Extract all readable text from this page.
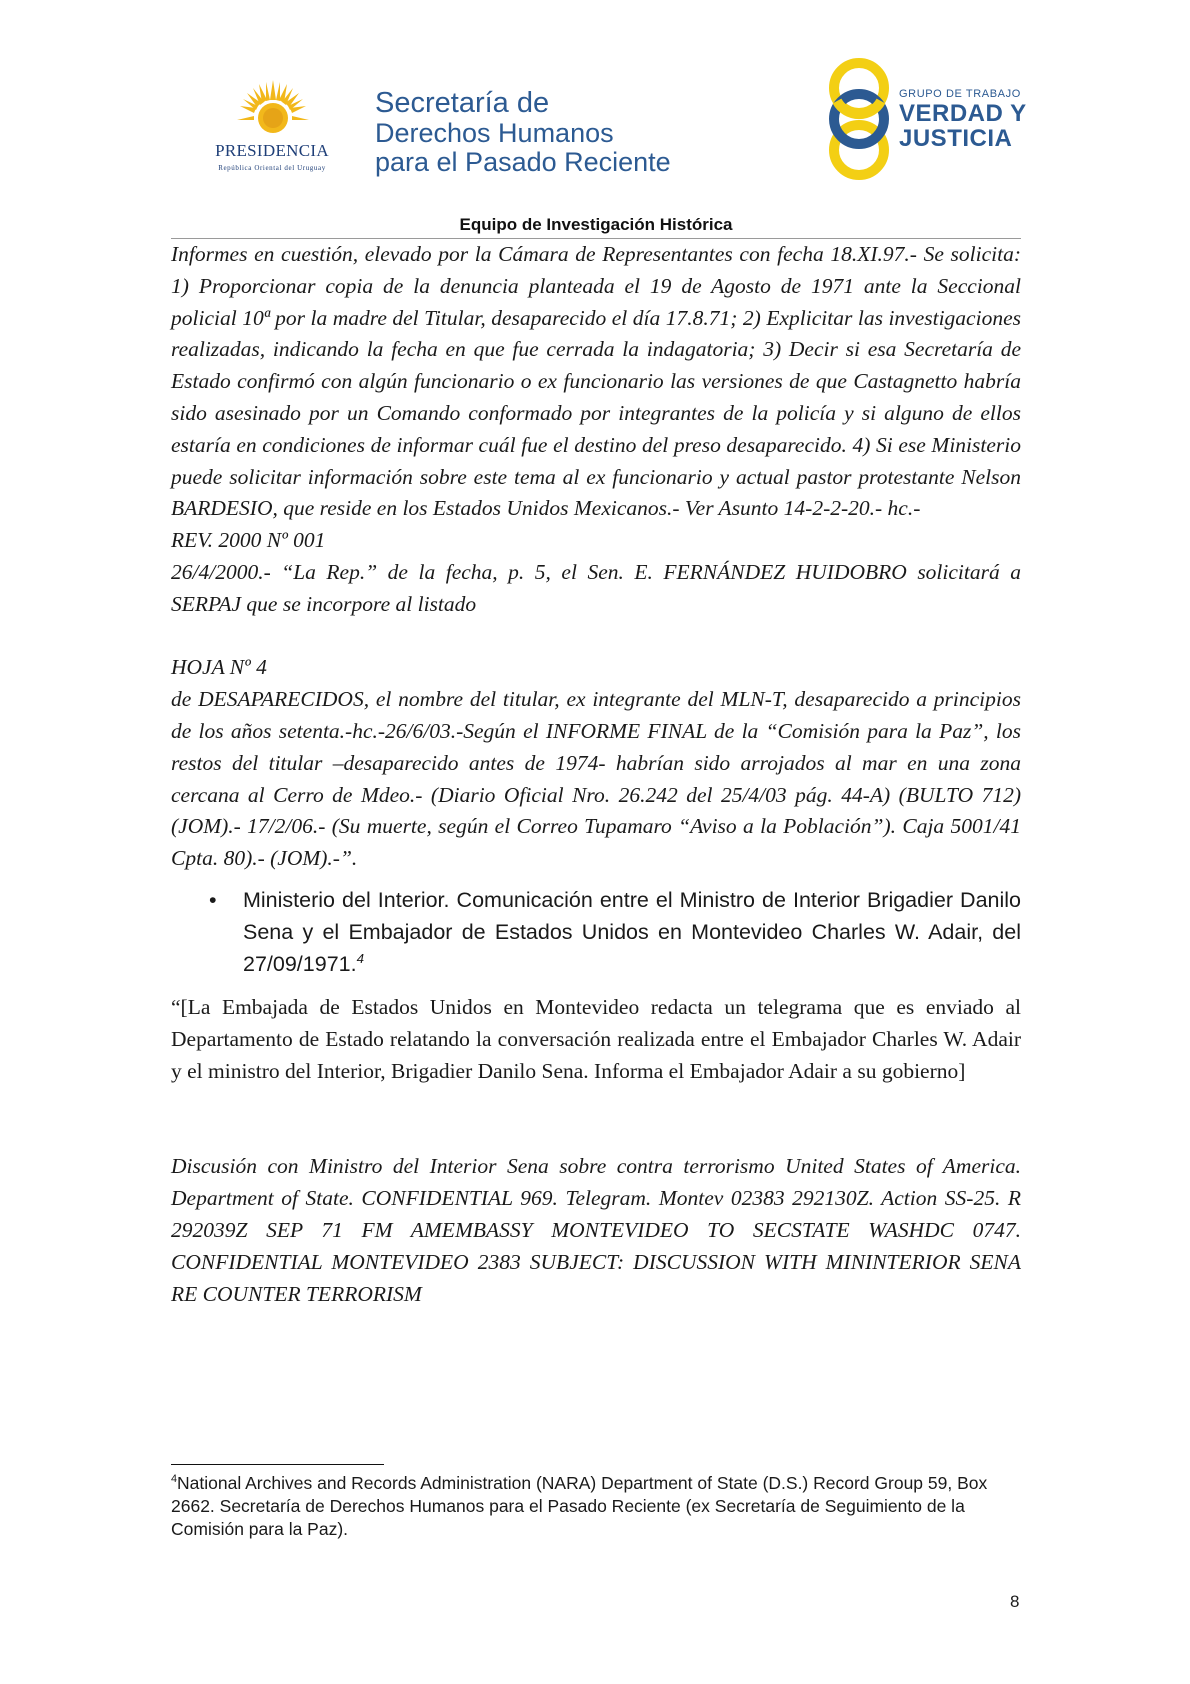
PRESIDENCIA
República Oriental del Uruguay
Secretaría de
Derechos Humanos
para el Pasado Reciente
GRUPO DE TRABAJO
VERDAD Y
JUSTICIA
Equipo de Investigación Histórica

Informes en cuestión, elevado por la Cámara de Representantes con fecha 18.XI.97.- Se solicita: 1) Proporcionar copia de la denuncia planteada el 19 de Agosto de 1971 ante la Seccional policial 10ª por la madre del Titular, desaparecido el día 17.8.71; 2) Explicitar las investigaciones realizadas, indicando la fecha en que fue cerrada la indagatoria; 3) Decir si esa Secretaría de Estado confirmó con algún funcionario o ex funcionario las versiones de que Castagnetto habría sido asesinado por un Comando conformado por integrantes de la policía y si alguno de ellos estaría en condiciones de informar cuál fue el destino del preso desaparecido. 4) Si ese Ministerio puede solicitar información sobre este tema al ex funcionario y actual pastor protestante Nelson BARDESIO, que reside en los Estados Unidos Mexicanos.- Ver Asunto 14-2-2-20.- hc.-

REV. 2000 Nº 001

26/4/2000.- “La Rep.” de la fecha, p. 5, el Sen. E. FERNÁNDEZ HUIDOBRO solicitará a SERPAJ que se incorpore al listado

HOJA Nº 4

de DESAPARECIDOS, el nombre del titular, ex integrante del MLN-T, desaparecido a principios de los años setenta.-hc.-26/6/03.-Según el INFORME FINAL de la “Comisión para la Paz”, los restos del titular –desaparecido antes de 1974- habrían sido arrojados al mar en una zona cercana al Cerro de Mdeo.- (Diario Oficial Nro. 26.242 del 25/4/03 pág. 44-A) (BULTO 712) (JOM).- 17/2/06.- (Su muerte, según el Correo Tupamaro “Aviso a la Población”). Caja 5001/41 Cpta. 80).- (JOM).-”.

• Ministerio del Interior. Comunicación entre el Ministro de Interior Brigadier Danilo Sena y el Embajador de Estados Unidos en Montevideo Charles W. Adair, del 27/09/1971.$^4$

“[La Embajada de Estados Unidos en Montevideo redacta un telegrama que es enviado al Departamento de Estado relatando la conversación realizada entre el Embajador Charles W. Adair y el ministro del Interior, Brigadier Danilo Sena. Informa el Embajador Adair a su gobierno]

Discusión con Ministro del Interior Sena sobre contra terrorismo United States of America. Department of State. CONFIDENTIAL 969. Telegram. Montev 02383 292130Z. Action SS-25. R 292039Z SEP 71 FM AMEMBASSY MONTEVIDEO TO SECSTATE WASHDC 0747. CONFIDENTIAL MONTEVIDEO 2383 SUBJECT: DISCUSSION WITH MININTERIOR SENA RE COUNTER TERRORISM

$^4$National Archives and Records Administration (NARA) Department of State (D.S.) Record Group 59, Box 2662. Secretaría de Derechos Humanos para el Pasado Reciente (ex Secretaría de Seguimiento de la Comisión para la Paz).
8
